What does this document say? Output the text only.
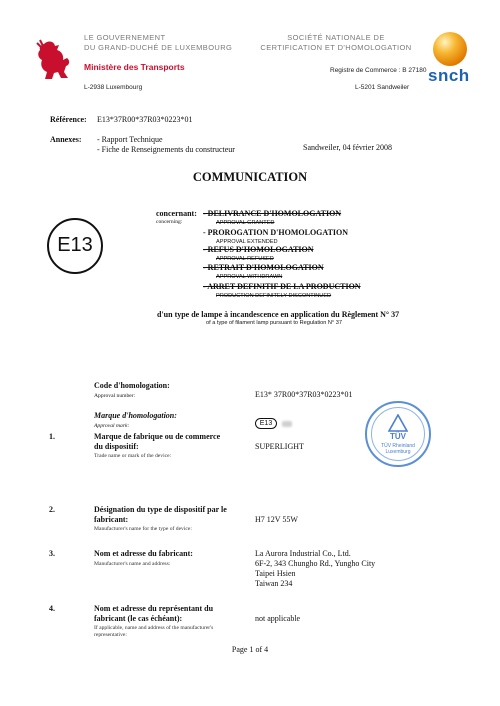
LE GOUVERNEMENT
DU GRAND-DUCHÉ DE LUXEMBOURG
Ministère des Transports
L-2938 Luxembourg
SOCIÉTÉ NATIONALE DE
CERTIFICATION ET D'HOMOLOGATION
Registre de Commerce : B 27180
L-5201 Sandweiler
snch
Référence: E13*37R00*37R03*0223*01
Annexes: - Rapport Technique
- Fiche de Renseignements du constructeur	Sandweiler, 04 février 2008
COMMUNICATION
E13
concernant:
concerning:
- DELIVRANCE D'HOMOLOGATION
APPROVAL GRANTED
- PROROGATION D'HOMOLOGATION
APPROVAL EXTENDED
- REFUS D'HOMOLOGATION
APPROVAL REFUSED
- RETRAIT D'HOMOLOGATION
APPROVAL WITHDRAWN
- ARRET DEFINITIF DE LA PRODUCTION
PRODUCTION DEFINITELY DISCONTINUED
d'un type de lampe à incandescence en application du Règlement N° 37
of a type of filament lamp pursuant to Regulation N° 37
Code d'homologation:
Approval number:	E13* 37R00*37R03*0223*01
Marque d'homologation:
Approval mark:	E13
TÜV
TÜV Rheinland
Luxemburg
1.	Marque de fabrique ou de commerce
du dispositif:
Trade name or mark of the device:
SUPERLIGHT
2.	Désignation du type de dispositif par le
fabricant:
Manufacturer's name for the type of device:
H7 12V 55W
3.	Nom et adresse du fabricant:
Manufacturer's name and address:
La Aurora Industrial Co., Ltd.
6F-2, 343 Chungho Rd., Yungho City
Taipei Hsien
Taiwan 234
4.	Nom et adresse du représentant du
fabricant (le cas échéant):
If applicable, name and address of the manufacturer's
representative:
not applicable
Page 1 of 4
